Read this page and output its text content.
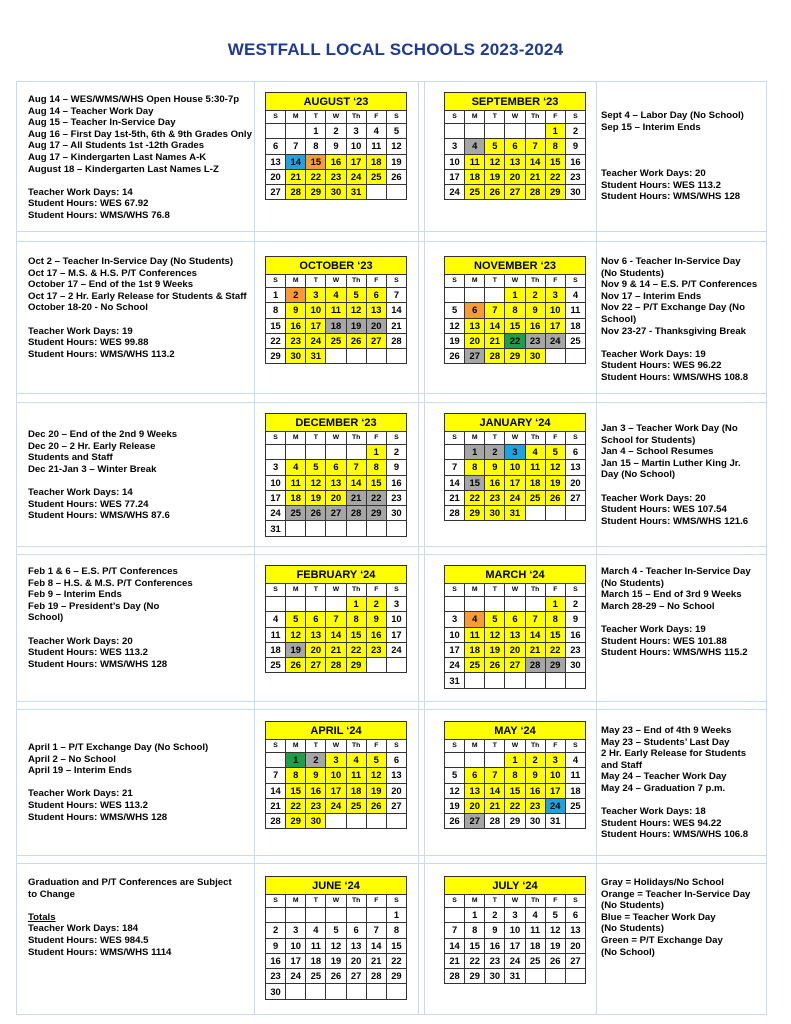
WESTFALL LOCAL SCHOOLS 2023-2024
Aug 14 – WES/WMS/WHS Open House 5:30-7p
Aug 14 – Teacher Work Day
Aug 15 – Teacher In-Service Day
Aug 16 – First Day 1st-5th, 6th & 9th Grades Only
Aug 17 – All Students 1st -12th Grades
Aug 17 – Kindergarten Last Names A-K
August 18 – Kindergarten Last Names L-Z
Teacher Work Days: 14
Student Hours: WES 67.92
Student Hours: WMS/WHS 76.8
Sept 4 – Labor Day (No School)
Sep 15 – Interim Ends
Teacher Work Days: 20
Student Hours: WES 113.2
Student Hours: WMS/WHS 128
Oct 2 – Teacher In-Service Day (No Students)
Oct 17 – M.S. & H.S. P/T Conferences
October 17 – End of the 1st 9 Weeks
Oct 17 – 2 Hr. Early Release for Students & Staff
October 18-20 - No School
Teacher Work Days: 19
Student Hours: WES 99.88
Student Hours: WMS/WHS 113.2
Nov 6 - Teacher In-Service Day
(No Students)
Nov 9 & 14 – E.S. P/T Conferences
Nov 17 – Interim Ends
Nov 22 – P/T Exchange Day (No
School)
Nov 23-27 - Thanksgiving Break
Teacher Work Days: 19
Student Hours: WES 96.22
Student Hours: WMS/WHS 108.8
Dec 20 – End of the 2nd 9 Weeks
Dec 20 – 2 Hr. Early Release
Students and Staff
Dec 21-Jan 3 – Winter Break
Teacher Work Days: 14
Student Hours: WES 77.24
Student Hours: WMS/WHS 87.6
Jan 3 – Teacher Work Day (No
School for Students)
Jan 4 – School Resumes
Jan 15 – Martin Luther King Jr.
Day (No School)
Teacher Work Days: 20
Student Hours: WES 107.54
Student Hours: WMS/WHS 121.6
Feb 1 & 6 – E.S. P/T Conferences
Feb 8 – H.S. & M.S. P/T Conferences
Feb 9 – Interim Ends
Feb 19 – President’s Day (No
School)
Teacher Work Days: 20
Student Hours: WES 113.2
Student Hours: WMS/WHS 128
March 4 - Teacher In-Service Day
(No Students)
March 15 – End of 3rd 9 Weeks
March 28-29 – No School
Teacher Work Days: 19
Student Hours: WES 101.88
Student Hours: WMS/WHS 115.2
April 1 – P/T Exchange Day (No School)
April 2 – No School
April 19 – Interim Ends
Teacher Work Days: 21
Student Hours: WES 113.2
Student Hours: WMS/WHS 128
May 23 – End of 4th 9 Weeks
May 23 – Students’ Last Day
2 Hr. Early Release for Students
and Staff
May 24 – Teacher Work Day
May 24 – Graduation 7 p.m.
Teacher Work Days: 18
Student Hours: WES 94.22
Student Hours: WMS/WHS 106.8
Graduation and P/T Conferences are Subject
to Change
Totals
Teacher Work Days: 184
Student Hours: WES 984.5
Student Hours: WMS/WHS 1114
Gray = Holidays/No School
Orange = Teacher In-Service Day
(No Students)
Blue = Teacher Work Day
(No Students)
Green = P/T Exchange Day
(No School)
AUGUST ‘23						
S	M	T	W	Th	F	S
		1	2	3	4	5
6	7	8	9	10	11	12
13	14	15	16	17	18	19
20	21	22	23	24	25	26
27	28	29	30	31		
SEPTEMBER ‘23						
S	M	T	W	Th	F	S
					1	2
3	4	5	6	7	8	9
10	11	12	13	14	15	16
17	18	19	20	21	22	23
24	25	26	27	28	29	30
OCTOBER ‘23						
S	M	T	W	Th	F	S
1	2	3	4	5	6	7
8	9	10	11	12	13	14
15	16	17	18	19	20	21
22	23	24	25	26	27	28
29	30	31				
NOVEMBER ‘23						
S	M	T	W	Th	F	S
			1	2	3	4
5	6	7	8	9	10	11
12	13	14	15	16	17	18
19	20	21	22	23	24	25
26	27	28	29	30		
DECEMBER ‘23						
S	M	T	W	Th	F	S
					1	2
3	4	5	6	7	8	9
10	11	12	13	14	15	16
17	18	19	20	21	22	23
24	25	26	27	28	29	30
31						
JANUARY ‘24						
S	M	T	W	Th	F	S
	1	2	3	4	5	6
7	8	9	10	11	12	13
14	15	16	17	18	19	20
21	22	23	24	25	26	27
28	29	30	31			
FEBRUARY ‘24						
S	M	T	W	Th	F	S
				1	2	3
4	5	6	7	8	9	10
11	12	13	14	15	16	17
18	19	20	21	22	23	24
25	26	27	28	29		
MARCH ‘24						
S	M	T	W	Th	F	S
					1	2
3	4	5	6	7	8	9
10	11	12	13	14	15	16
17	18	19	20	21	22	23
24	25	26	27	28	29	30
31						
APRIL ‘24						
S	M	T	W	Th	F	S
	1	2	3	4	5	6
7	8	9	10	11	12	13
14	15	16	17	18	19	20
21	22	23	24	25	26	27
28	29	30				
MAY ‘24						
S	M	T	W	Th	F	S
			1	2	3	4
5	6	7	8	9	10	11
12	13	14	15	16	17	18
19	20	21	22	23	24	25
26	27	28	29	30	31	
JUNE ‘24						
S	M	T	W	Th	F	S
						1
2	3	4	5	6	7	8
9	10	11	12	13	14	15
16	17	18	19	20	21	22
23	24	25	26	27	28	29
30						
JULY ‘24						
S	M	T	W	Th	F	S
	1	2	3	4	5	6
7	8	9	10	11	12	13
14	15	16	17	18	19	20
21	22	23	24	25	26	27
28	29	30	31			
